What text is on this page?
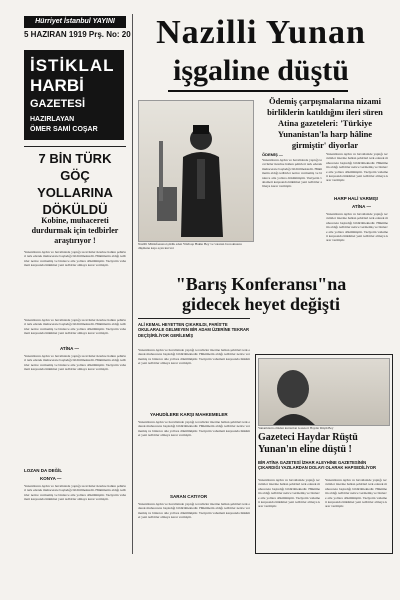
Hürriyet İstanbul YAYINI
5 HAZIRAN 1919 Prş. No: 20
İSTİKLAL
HARBİ
GAZETESİ
HAZIRLAYAN
ÖMER SAMİ COŞAR
7 BİN TÜRK GÖÇ
YOLLARINA
DÖKÜLDÜ
Kobine, muhacereti durdurmak için tedbirler araştırıyor !
Yunanlıların Aydın ve havalisinde yaptığı tecavüzler üzerine halkın şehirleri terk ederek muhacerete başladığı bildirilmektedir. Hükümetin aldığı tedbirler netice vermemiş ve binlerce aile yollara dökülmüştür. Vaziyetin vahameti karşısında hükümet yeni tedbirler almaya karar vermiştir.
Yunanlıların Aydın ve havalisinde yaptığı tecavüzler üzerine halkın şehirleri terk ederek muhacerete başladığı bildirilmektedir. Hükümetin aldığı tedbirler netice vermemiş ve binlerce aile yollara dökülmüştür. Vaziyetin vahameti karşısında hükümet yeni tedbirler almaya karar vermiştir.
ATİNA —
Yunanlıların Aydın ve havalisinde yaptığı tecavüzler üzerine halkın şehirleri terk ederek muhacerete başladığı bildirilmektedir. Hükümetin aldığı tedbirler netice vermemiş ve binlerce aile yollara dökülmüştür. Vaziyetin vahameti karşısında hükümet yeni tedbirler almaya karar vermiştir.
LOZAN DA DEĞİL
KONYA —
Yunanlıların Aydın ve havalisinde yaptığı tecavüzler üzerine halkın şehirleri terk ederek muhacerete başladığı bildirilmektedir. Hükümetin aldığı tedbirler netice vermemiş ve binlerce aile yollara dökülmüştür. Vaziyetin vahameti karşısında hükümet yeni tedbirler almaya karar vermiştir.
Nazilli Yunan
işgaline düştü
Nazilli Müdafaasına iştirâk eden Yüzbaşı Hakkı Bey ve vatanın bu noktasını düşmana kapı açan kuvvet
Ödemiş çarpışmalarına nizami birliklerin katıldığını ileri süren Atina gazeteleri: 'Türkiye Yunanistan'la harp hâline girmiştir' diyorlar
ÖDEMİŞ —
Yunanlıların Aydın ve havalisinde yaptığı tecavüzler üzerine halkın şehirleri terk ederek muhacerete başladığı bildirilmektedir. Hükümetin aldığı tedbirler netice vermemiş ve binlerce aile yollara dökülmüştür. Vaziyetin vahameti karşısında hükümet yeni tedbirler almaya karar vermiştir.
Yunanlıların Aydın ve havalisinde yaptığı tecavüzler üzerine halkın şehirleri terk ederek muhacerete başladığı bildirilmektedir. Hükümetin aldığı tedbirler netice vermemiş ve binlerce aile yollara dökülmüştür. Vaziyetin vahameti karşısında hükümet yeni tedbirler almaya karar vermiştir.
HARP HALİ VARMIŞ!
ATİNA —
Yunanlıların Aydın ve havalisinde yaptığı tecavüzler üzerine halkın şehirleri terk ederek muhacerete başladığı bildirilmektedir. Hükümetin aldığı tedbirler netice vermemiş ve binlerce aile yollara dökülmüştür. Vaziyetin vahameti karşısında hükümet yeni tedbirler almaya karar vermiştir.
"Barış Konferansı"na
gidecek heyet değişti
ALİ KEMAL HEYETTEN ÇIKARILDI, PARİS'TE OKULARALE GELMEYEN BİR ADAM ÜZERİNE TEKRAR DEÇİŞİRİLİYOR GERİLEMİŞ
Yunanlıların Aydın ve havalisinde yaptığı tecavüzler üzerine halkın şehirleri terk ederek muhacerete başladığı bildirilmektedir. Hükümetin aldığı tedbirler netice vermemiş ve binlerce aile yollara dökülmüştür. Vaziyetin vahameti karşısında hükümet yeni tedbirler almaya karar vermiştir.
YAHUDİLERE KARŞI MAHKEMELER
Yunanlıların Aydın ve havalisinde yaptığı tecavüzler üzerine halkın şehirleri terk ederek muhacerete başladığı bildirilmektedir. Hükümetin aldığı tedbirler netice vermemiş ve binlerce aile yollara dökülmüştür. Vaziyetin vahameti karşısında hükümet yeni tedbirler almaya karar vermiştir.
SARAN CATIYOR
Yunanlıların Aydın ve havalisinde yaptığı tecavüzler üzerine halkın şehirleri terk ederek muhacerete başladığı bildirilmektedir. Hükümetin aldığı tedbirler netice vermemiş ve binlerce aile yollara dökülmüştür. Vaziyetin vahameti karşısında hükümet yeni tedbirler almaya karar vermiştir.
Yunanlıların elinden kurtarılan Gazeteci Haydar Rüştü Bey
Gazeteci Haydar Rüştü Yunan'ın eline düştü !
BİR ATİNA GAZETESİ İZHAR ALEYHİNE GAZETESİNİN ÇIKARDIĞI YAZILARDAN DOLAYI OLARAK HAPSEDİLİYOR
Yunanlıların Aydın ve havalisinde yaptığı tecavüzler üzerine halkın şehirleri terk ederek muhacerete başladığı bildirilmektedir. Hükümetin aldığı tedbirler netice vermemiş ve binlerce aile yollara dökülmüştür. Vaziyetin vahameti karşısında hükümet yeni tedbirler almaya karar vermiştir.
Yunanlıların Aydın ve havalisinde yaptığı tecavüzler üzerine halkın şehirleri terk ederek muhacerete başladığı bildirilmektedir. Hükümetin aldığı tedbirler netice vermemiş ve binlerce aile yollara dökülmüştür. Vaziyetin vahameti karşısında hükümet yeni tedbirler almaya karar vermiştir.
